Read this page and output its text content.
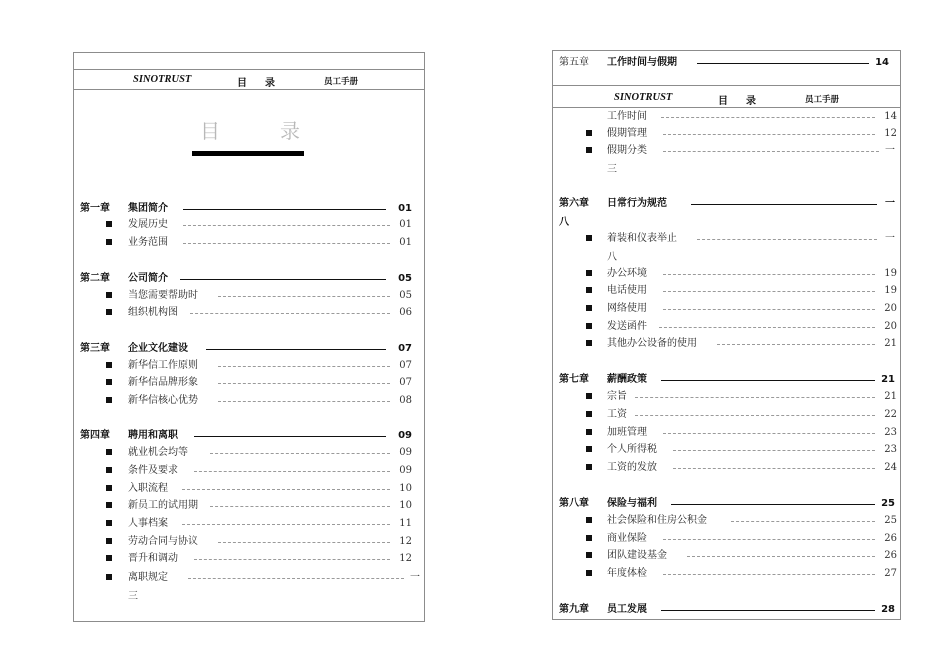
SINOTRUST	目 录	员工手册
目	录
第一章 集团简介	01
发展历史	01
业务范围	01
第二章 公司简介	05
当您需要帮助时	05
组织机构图	06
第三章 企业文化建设	07
新华信工作原则	07
新华信品牌形象	07
新华信核心优势	08
第四章 聘用和离职	09
就业机会均等	09
条件及要求	09
入职流程	10
新员工的试用期	10
人事档案	11
劳动合同与协议	12
晋升和调动	12
离职规定	一
三
第五章 工作时间与假期	14
SINOTRUST	目 录	员工手册
工作时间	14
假期管理	12
假期分类	一
三
第六章 日常行为规范	一
八
着装和仪表举止	一
八
办公环境	19
电话使用	19
网络使用	20
发送函件	20
其他办公设备的使用	21
第七章 薪酬政策	21
宗旨	21
工资	22
加班管理	23
个人所得税	23
工资的发放	24
第八章 保险与福利	25
社会保险和住房公积金	25
商业保险	26
团队建设基金	26
年度体检	27
第九章 员工发展	28
